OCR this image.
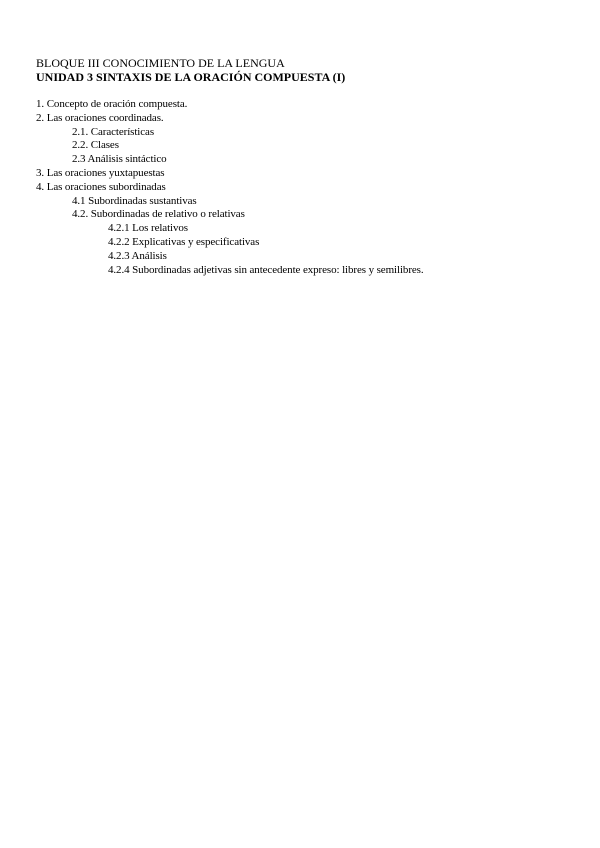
BLOQUE III CONOCIMIENTO DE LA LENGUA
UNIDAD 3 SINTAXIS DE LA ORACIÓN COMPUESTA (I)
1. Concepto de oración compuesta.
2. Las oraciones coordinadas.
2.1. Características
2.2. Clases
2.3 Análisis sintáctico
3. Las oraciones yuxtapuestas
4. Las oraciones subordinadas
4.1 Subordinadas sustantivas
4.2. Subordinadas de relativo o relativas
4.2.1 Los relativos
4.2.2 Explicativas y especificativas
4.2.3 Análisis
4.2.4 Subordinadas adjetivas sin antecedente expreso: libres y semilibres.
